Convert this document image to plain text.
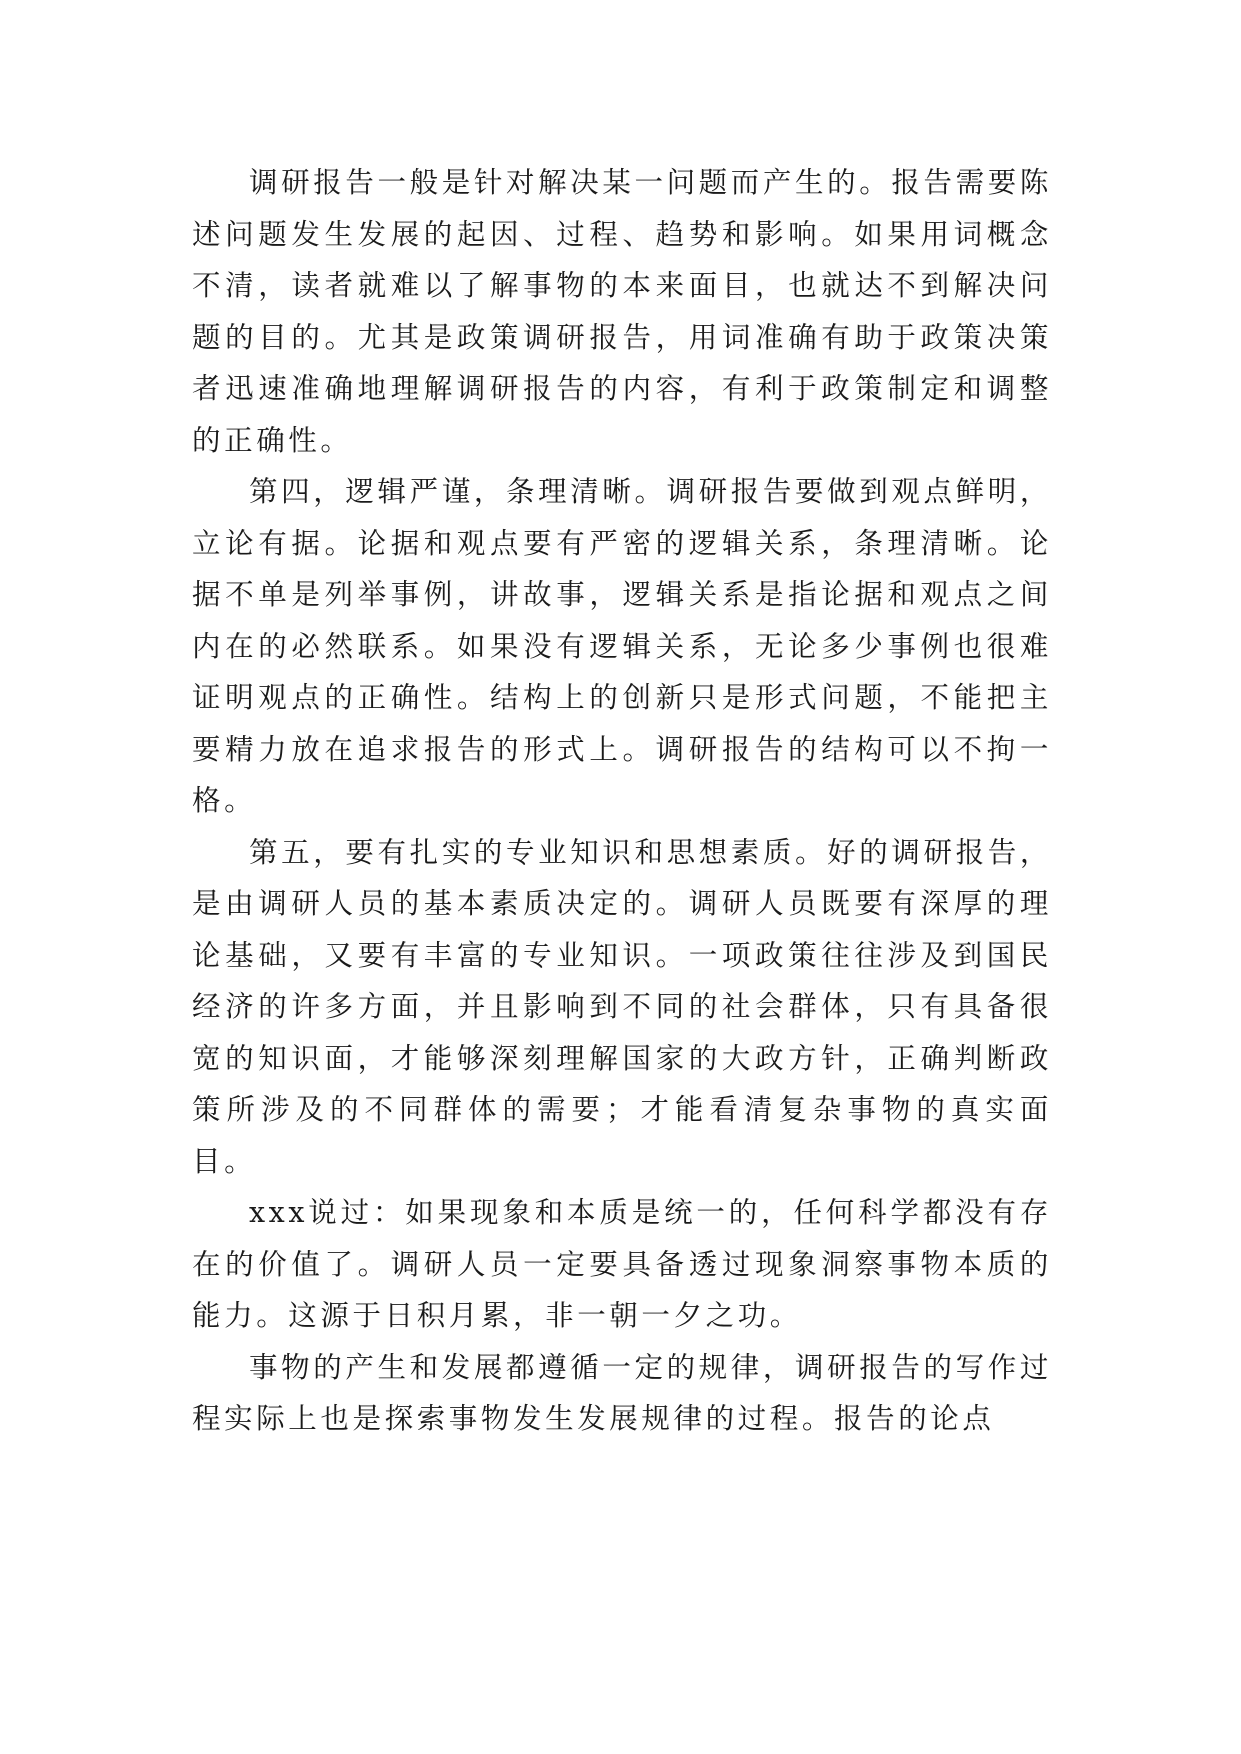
调研报告一般是针对解决某一问题而产生的。报告需要陈述问题发生发展的起因、过程、趋势和影响。如果用词概念不清，读者就难以了解事物的本来面目，也就达不到解决问题的目的。尤其是政策调研报告，用词准确有助于政策决策者迅速准确地理解调研报告的内容，有利于政策制定和调整的正确性。

第四，逻辑严谨，条理清晰。调研报告要做到观点鲜明，立论有据。论据和观点要有严密的逻辑关系，条理清晰。论据不单是列举事例，讲故事，逻辑关系是指论据和观点之间内在的必然联系。如果没有逻辑关系，无论多少事例也很难证明观点的正确性。结构上的创新只是形式问题，不能把主要精力放在追求报告的形式上。调研报告的结构可以不拘一格。

第五，要有扎实的专业知识和思想素质。好的调研报告，是由调研人员的基本素质决定的。调研人员既要有深厚的理论基础，又要有丰富的专业知识。一项政策往往涉及到国民经济的许多方面，并且影响到不同的社会群体，只有具备很宽的知识面，才能够深刻理解国家的大政方针，正确判断政策所涉及的不同群体的需要；才能看清复杂事物的真实面目。

xxx说过：如果现象和本质是统一的，任何科学都没有存在的价值了。调研人员一定要具备透过现象洞察事物本质的能力。这源于日积月累，非一朝一夕之功。

事物的产生和发展都遵循一定的规律，调研报告的写作过程实际上也是探索事物发生发展规律的过程。报告的论点
